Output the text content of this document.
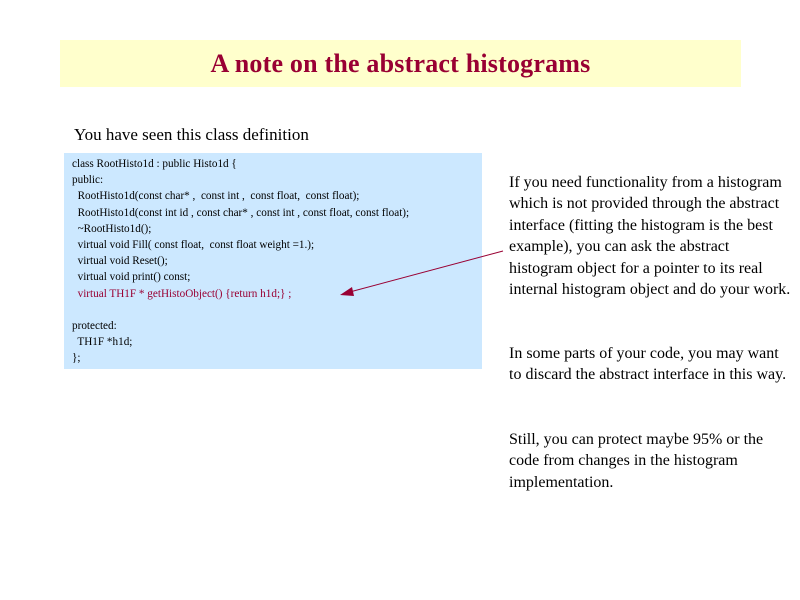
A note on the abstract histograms
You have seen this class definition
class RootHisto1d : public Histo1d {
public:
RootHisto1d(const char* ,  const int ,  const float,  const float);
RootHisto1d(const int id , const char* , const int , const float, const float);
~RootHisto1d();
virtual void Fill( const float,  const float weight =1.);
virtual void Reset();
virtual void print() const;
virtual TH1F * getHistoObject() {return h1d;} ;
protected:
TH1F *h1d;
};
If you need functionality from a histogram which is not provided through the abstract interface (fitting the histogram is the best example), you can ask the abstract histogram object for a pointer to its real internal histogram object and do your work.
In some parts of your code, you may want to discard the abstract interface in this way.
Still, you can protect maybe 95% or the code from changes in the histogram implementation.
